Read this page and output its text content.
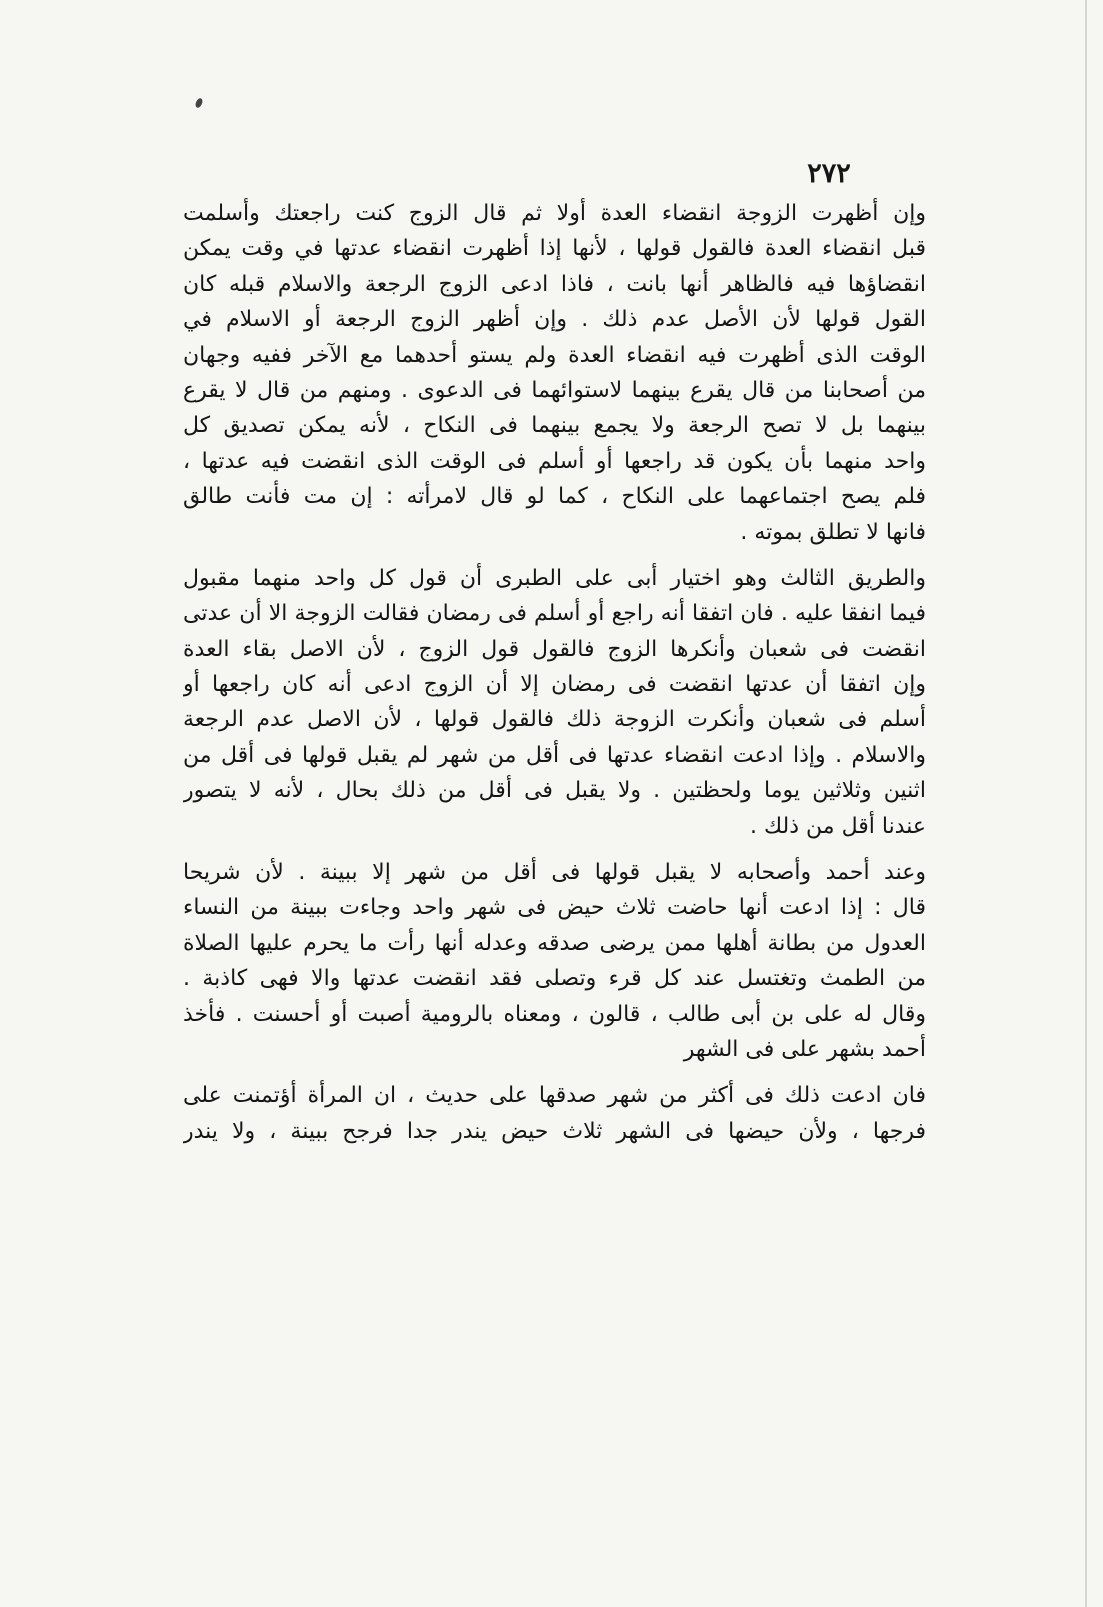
٢٧٢
وإن أظهرت الزوجة انقضاء العدة أولا ثم قال الزوج كنت راجعتك وأسلمت
قبل انقضاء العدة فالقول قولها ، لأنها إذا أظهرت انقضاء عدتها في وقت يمكن
انقضاؤها فيه فالظاهر أنها بانت ، فاذا ادعى الزوج الرجعة والاسلام قبله كان
القول قولها لأن الأصل عدم ذلك . وإن أظهر الزوج الرجعة أو الاسلام في
الوقت الذى أظهرت فيه انقضاء العدة ولم يستو أحدهما مع الآخر ففيه وجهان
من أصحابنا من قال يقرع بينهما لاستوائهما فى الدعوى . ومنهم من قال لا يقرع
بينهما بل لا تصح الرجعة ولا يجمع بينهما فى النكاح ، لأنه يمكن تصديق كل
واحد منهما بأن يكون قد راجعها أو أسلم فى الوقت الذى انقضت فيه عدتها ،
فلم يصح اجتماعهما على النكاح ، كما لو قال لامرأته : إن مت فأنت طالق
فانها لا تطلق بموته .
والطريق الثالث وهو اختيار أبى على الطبرى أن قول كل واحد منهما مقبول
فيما انفقا عليه . فان اتفقا أنه راجع أو أسلم فى رمضان فقالت الزوجة الا أن عدتى
انقضت فى شعبان وأنكرها الزوج فالقول قول الزوج ، لأن الاصل بقاء العدة
وإن اتفقا أن عدتها انقضت فى رمضان إلا أن الزوج ادعى أنه كان راجعها أو
أسلم فى شعبان وأنكرت الزوجة ذلك فالقول قولها ، لأن الاصل عدم الرجعة
والاسلام . وإذا ادعت انقضاء عدتها فى أقل من شهر لم يقبل قولها فى أقل من
اثنين وثلاثين يوما ولحظتين . ولا يقبل فى أقل من ذلك بحال ، لأنه لا يتصور
عندنا أقل من ذلك .
وعند أحمد وأصحابه لا يقبل قولها فى أقل من شهر إلا ببينة . لأن شريحا
قال : إذا ادعت أنها حاضت ثلاث حيض فى شهر واحد وجاءت ببينة من النساء
العدول من بطانة أهلها ممن يرضى صدقه وعدله أنها رأت ما يحرم عليها الصلاة
من الطمث وتغتسل عند كل قرء وتصلى فقد انقضت عدتها والا فهى كاذبة .
وقال له على بن أبى طالب ، قالون ، ومعناه بالرومية أصبت أو أحسنت . فأخذ
أحمد بشهر على فى الشهر
فان ادعت ذلك فى أكثر من شهر صدقها على حديث ، ان المرأة أؤتمنت على
فرجها ، ولأن حيضها فى الشهر ثلاث حيض يندر جدا فرجح ببينة ، ولا يندر
